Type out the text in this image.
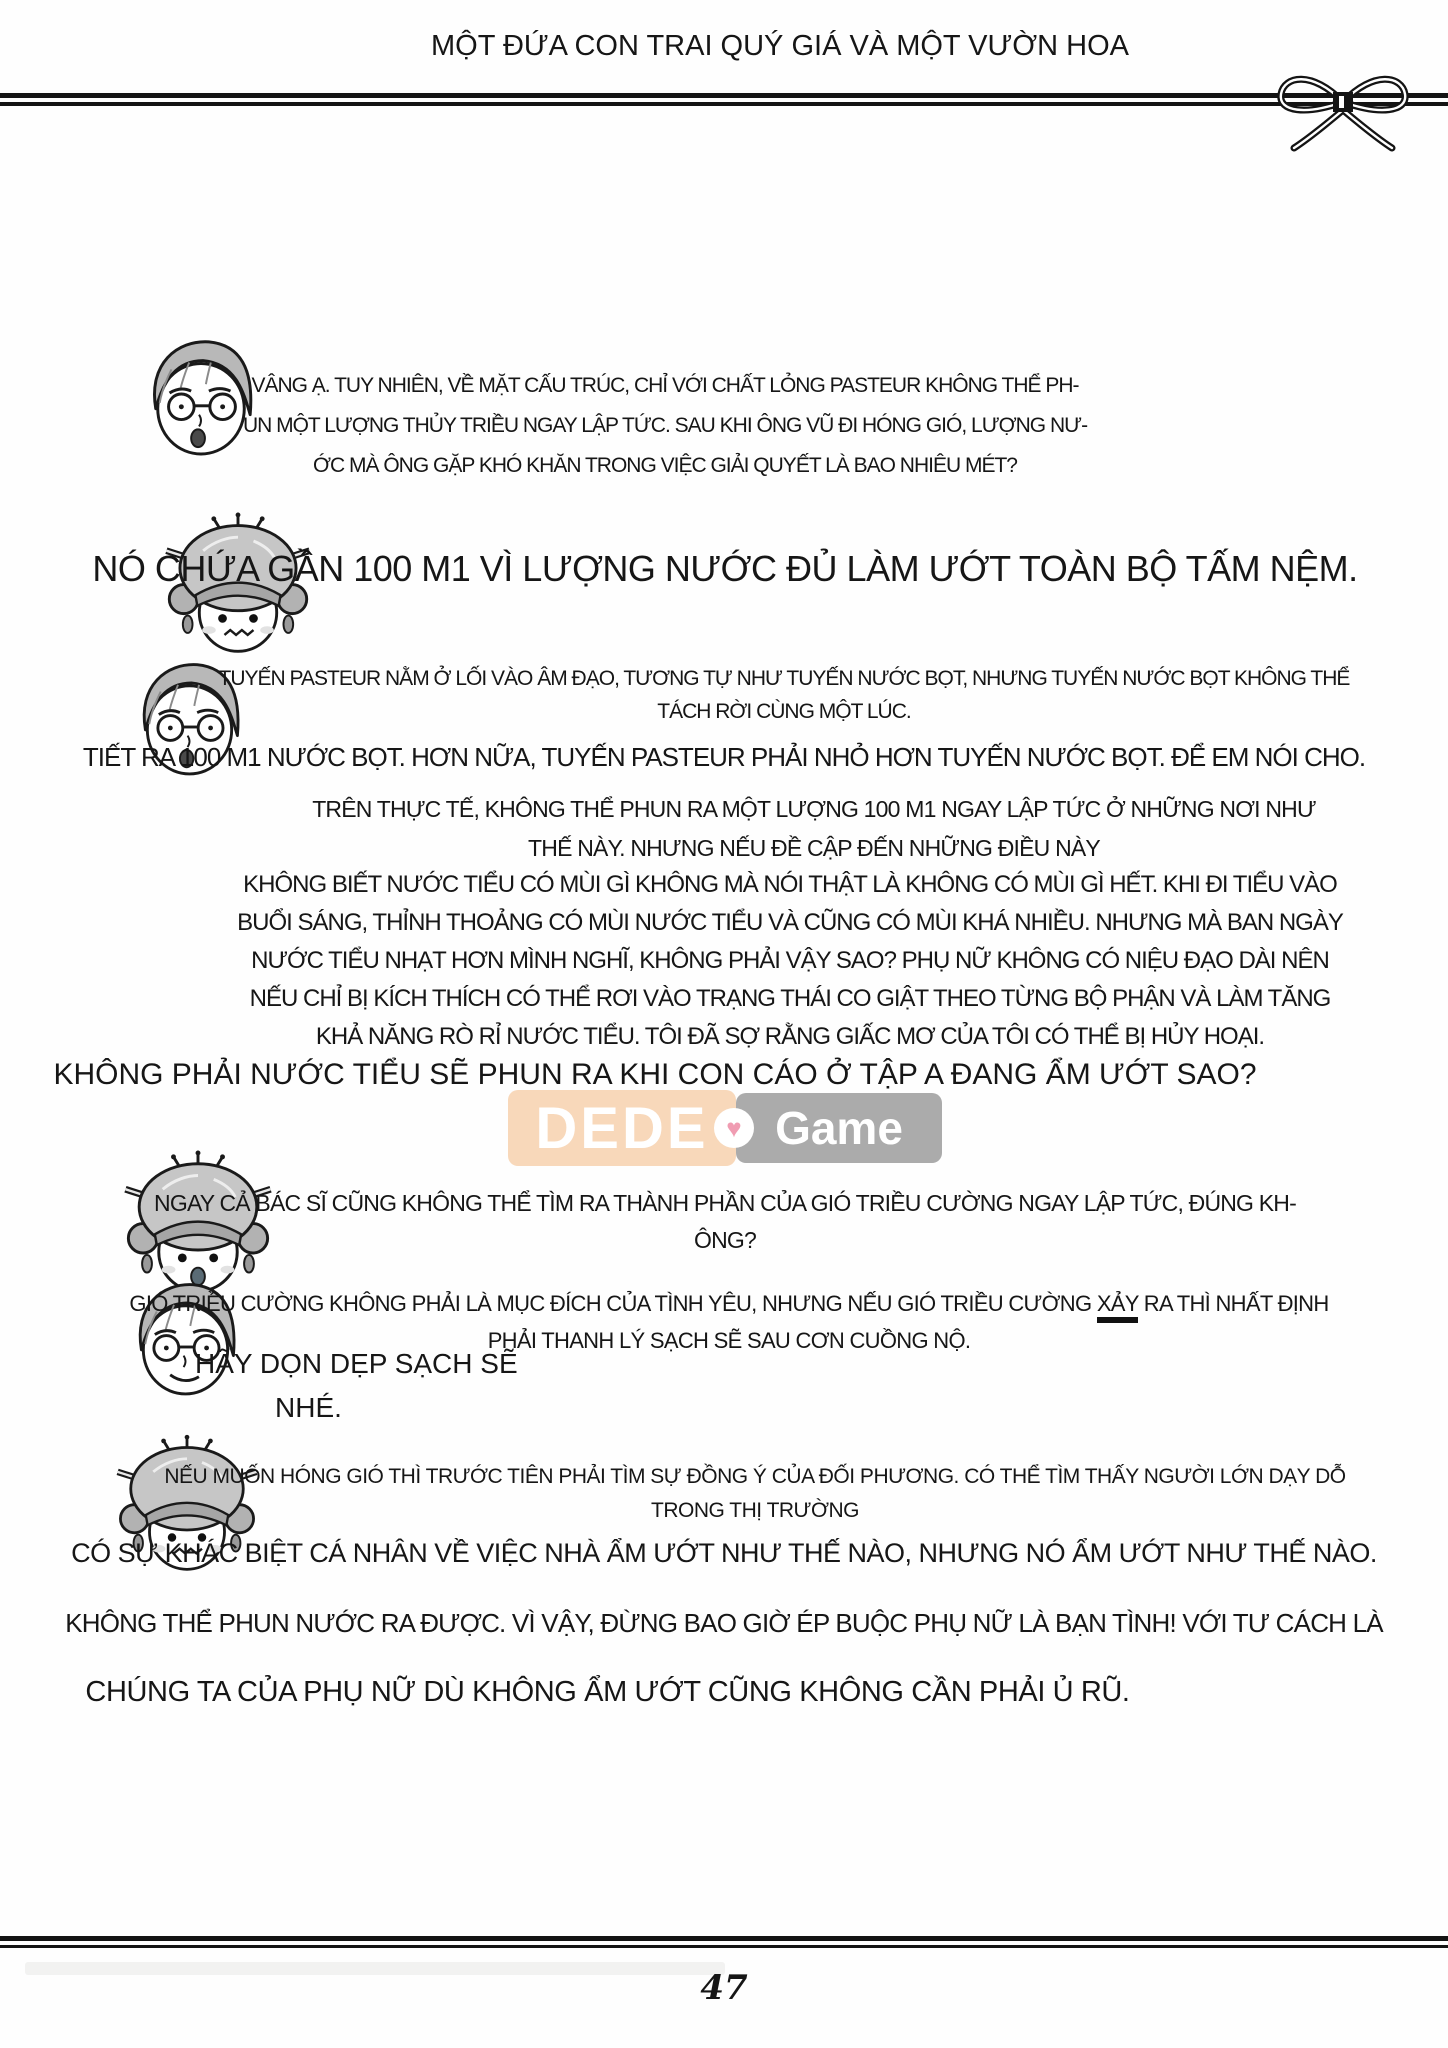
MỘT ĐỨA CON TRAI QUÝ GIÁ VÀ MỘT VƯỜN HOA
VÂNG Ạ. TUY NHIÊN, VỀ MẶT CẤU TRÚC, CHỈ VỚI CHẤT LỎNG PASTEUR KHÔNG THỂ PH-
UN MỘT LƯỢNG THỦY TRIỀU NGAY LẬP TỨC. SAU KHI ÔNG VŨ ĐI HÓNG GIÓ, LƯỢNG NƯ-
ỚC MÀ ÔNG GẶP KHÓ KHĂN TRONG VIỆC GIẢI QUYẾT LÀ BAO NHIÊU MÉT?
NÓ CHỨA GẦN 100 M1 VÌ LƯỢNG NƯỚC ĐỦ LÀM ƯỚT TOÀN BỘ TẤM NỆM.
TUYẾN PASTEUR NẰM Ở LỐI VÀO ÂM ĐẠO, TƯƠNG TỰ NHƯ TUYẾN NƯỚC BỌT, NHƯNG TUYẾN NƯỚC BỌT KHÔNG THỂ
TÁCH RỜI CÙNG MỘT LÚC.
TIẾT RA 100 M1 NƯỚC BỌT. HƠN NỮA, TUYẾN PASTEUR PHẢI NHỎ HƠN TUYẾN NƯỚC BỌT. ĐỂ EM NÓI CHO.
TRÊN THỰC TẾ, KHÔNG THỂ PHUN RA MỘT LƯỢNG 100 M1 NGAY LẬP TỨC Ở NHỮNG NƠI NHƯ
THẾ NÀY. NHƯNG NẾU ĐỀ CẬP ĐẾN NHỮNG ĐIỀU NÀY
KHÔNG BIẾT NƯỚC TIỂU CÓ MÙI GÌ KHÔNG MÀ NÓI THẬT LÀ KHÔNG CÓ MÙI GÌ HẾT. KHI ĐI TIỂU VÀO
BUỔI SÁNG, THỈNH THOẢNG CÓ MÙI NƯỚC TIỂU VÀ CŨNG CÓ MÙI KHÁ NHIỀU. NHƯNG MÀ BAN NGÀY
NƯỚC TIỂU NHẠT HƠN MÌNH NGHĨ, KHÔNG PHẢI VẬY SAO? PHỤ NỮ KHÔNG CÓ NIỆU ĐẠO DÀI NÊN
NẾU CHỈ BỊ KÍCH THÍCH CÓ THỂ RƠI VÀO TRẠNG THÁI CO GIẬT THEO TỪNG BỘ PHẬN VÀ LÀM TĂNG
KHẢ NĂNG RÒ RỈ NƯỚC TIỂU. TÔI ĐÃ SỢ RẰNG GIẤC MƠ CỦA TÔI CÓ THỂ BỊ HỦY HOẠI.
KHÔNG PHẢI NƯỚC TIỂU SẼ PHUN RA KHI CON CÁO Ở TẬP A ĐANG ẨM ƯỚT SAO?
DEDE	Game
♥
NGAY CẢ BÁC SĨ CŨNG KHÔNG THỂ TÌM RA THÀNH PHẦN CỦA GIÓ TRIỀU CƯỜNG NGAY LẬP TỨC, ĐÚNG KH-
ÔNG?
GIÓ TRIỀU CƯỜNG KHÔNG PHẢI LÀ MỤC ĐÍCH CỦA TÌNH YÊU, NHƯNG NẾU GIÓ TRIỀU CƯỜNG XẢY RA THÌ NHẤT ĐỊNH
PHẢI THANH LÝ SẠCH SẼ SAU CƠN CUỒNG NỘ.
HÃY DỌN DẸP SẠCH SẼ
NHÉ.
NẾU MUỐN HÓNG GIÓ THÌ TRƯỚC TIÊN PHẢI TÌM SỰ ĐỒNG Ý CỦA ĐỐI PHƯƠNG. CÓ THỂ TÌM THẤY NGƯỜI LỚN DẠY DỖ
TRONG THỊ TRƯỜNG
CÓ SỰ KHÁC BIỆT CÁ NHÂN VỀ VIỆC NHÀ ẨM ƯỚT NHƯ THẾ NÀO, NHƯNG NÓ ẨM ƯỚT NHƯ THẾ NÀO.
KHÔNG THỂ PHUN NƯỚC RA ĐƯỢC. VÌ VẬY, ĐỪNG BAO GIỜ ÉP BUỘC PHỤ NỮ LÀ BẠN TÌNH! VỚI TƯ CÁCH LÀ
CHÚNG TA CỦA PHỤ NỮ DÙ KHÔNG ẨM ƯỚT CŨNG KHÔNG CẦN PHẢI Ủ RŨ.
47
